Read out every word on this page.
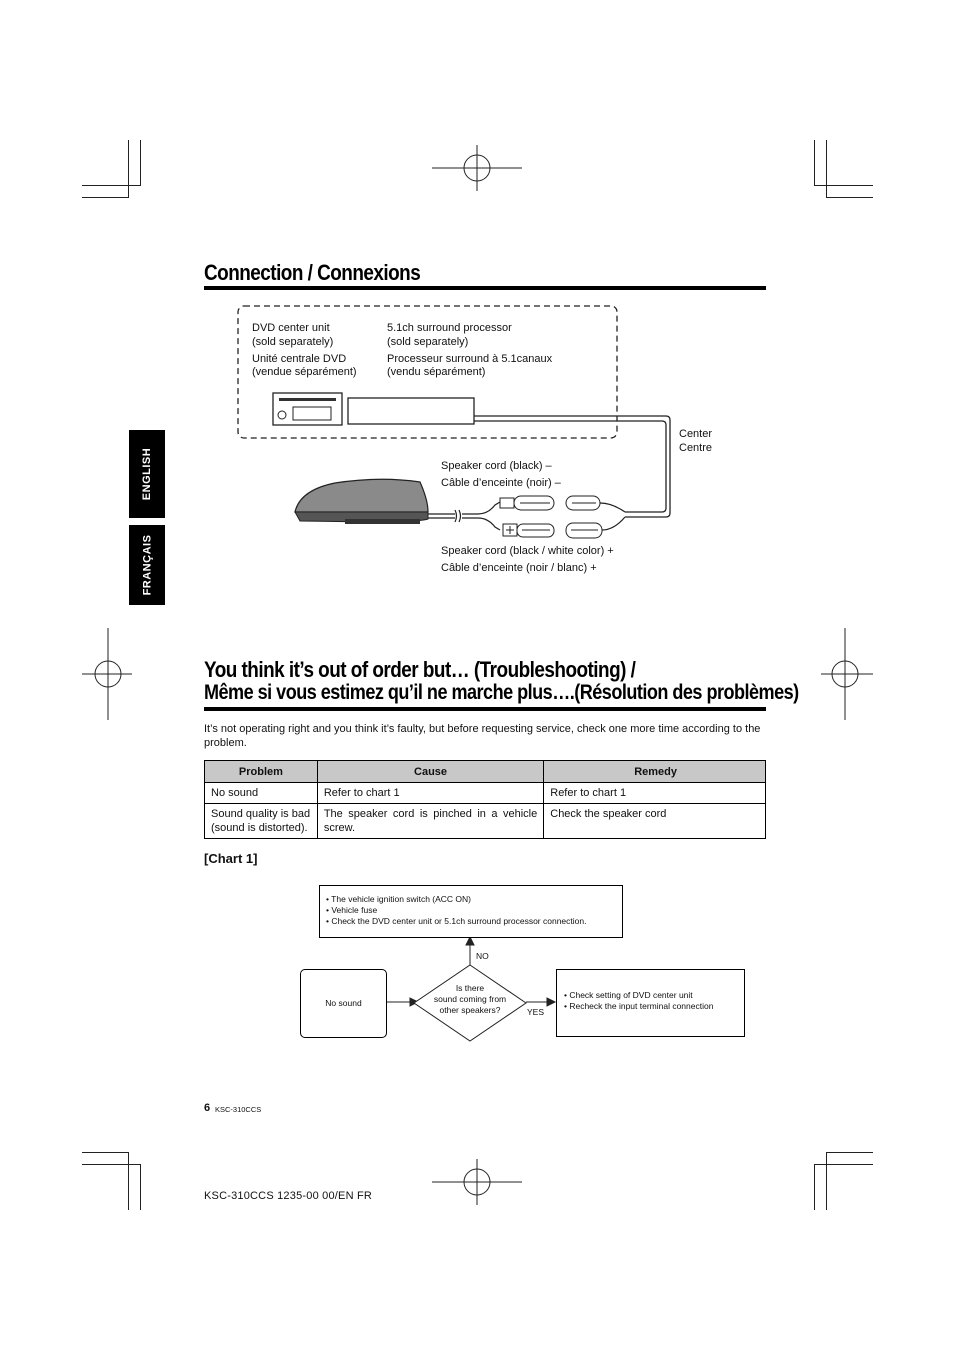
ENGLISH
FRANÇAIS
Connection / Connexions
DVD center unit
(sold separately)
Unité centrale DVD
(vendue séparément)
5.1ch surround processor
(sold separately)
Processeur surround à 5.1canaux
(vendu séparément)
Center
Centre
Speaker cord (black) –
Câble d’enceinte (noir) –
Speaker cord (black / white color) +
Câble d’enceinte (noir / blanc) +
You think it’s out of order but… (Troubleshooting) /
Même si vous estimez qu’il ne marche plus….(Résolution des problèmes)
It’s not operating right and you think it’s faulty, but before requesting service, check one more time according to the problem.
Problem	Cause	Remedy
No sound	Refer to chart 1	Refer to chart 1
Sound quality is bad (sound is distorted).	The speaker cord is pinched in a vehicle screw.	Check the speaker cord
[Chart 1]
• The vehicle ignition switch (ACC ON)
• Vehicle fuse
• Check the DVD center unit or 5.1ch surround processor connection.
No sound
Is there
sound coming from
other speakers?
NO
YES
• Check setting of DVD center unit
• Recheck the input terminal connection
6 KSC-310CCS
KSC-310CCS 1235-00 00/EN FR
